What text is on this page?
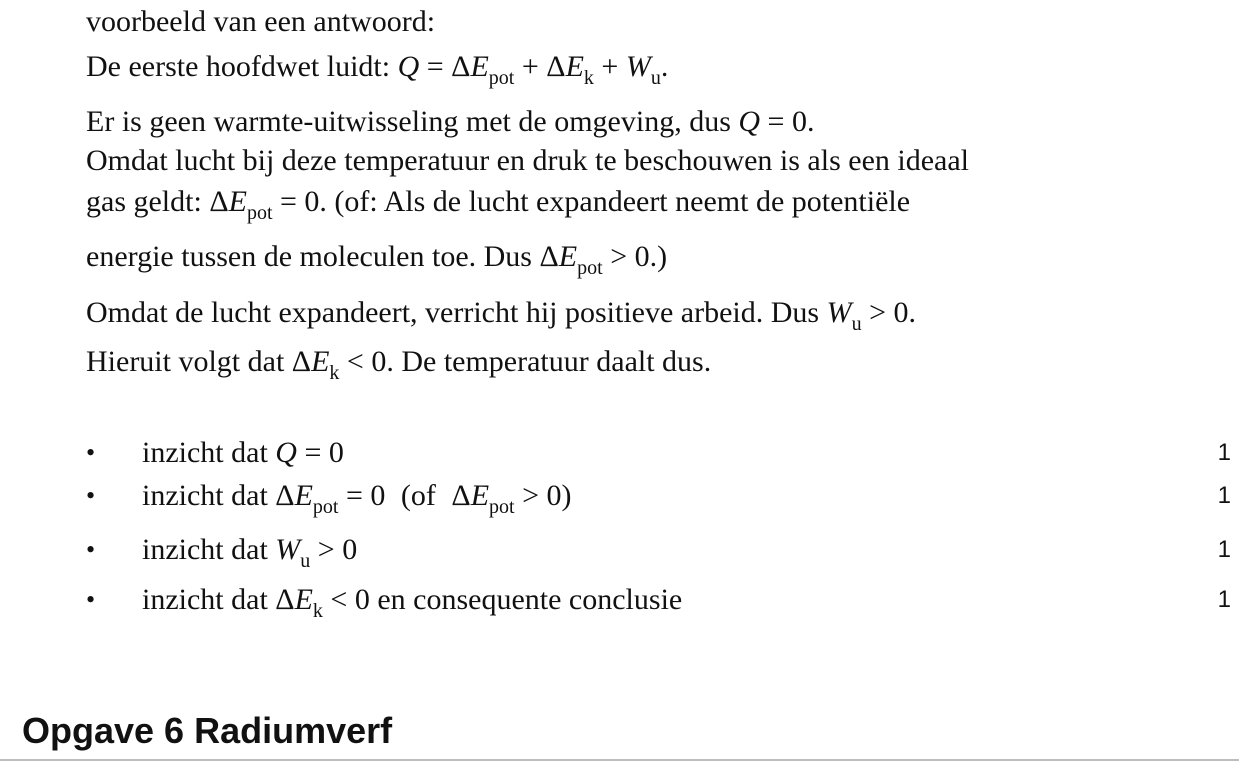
voorbeeld van een antwoord:
De eerste hoofdwet luidt: $Q = \Delta E_{pot} + \Delta E_k + W_u$.
Er is geen warmte-uitwisseling met de omgeving, dus Q = 0.
Omdat lucht bij deze temperatuur en druk te beschouwen is als een ideaal
gas geldt: $\Delta E_{pot} = 0$. (of: Als de lucht expandeert neemt de potentiële
energie tussen de moleculen toe. Dus $\Delta E_{pot} > 0$.)
Omdat de lucht expandeert, verricht hij positieve arbeid. Dus $W_u > 0$.
Hieruit volgt dat $\Delta E_k < 0$. De temperatuur daalt dus.
• inzicht dat Q = 0	1
• inzicht dat $\Delta E_{pot} = 0$ (of $\Delta E_{pot} > 0$)	1
• inzicht dat $W_u > 0$	1
• inzicht dat $\Delta E_k < 0$ en consequente conclusie	1
Opgave 6 Radiumverf
